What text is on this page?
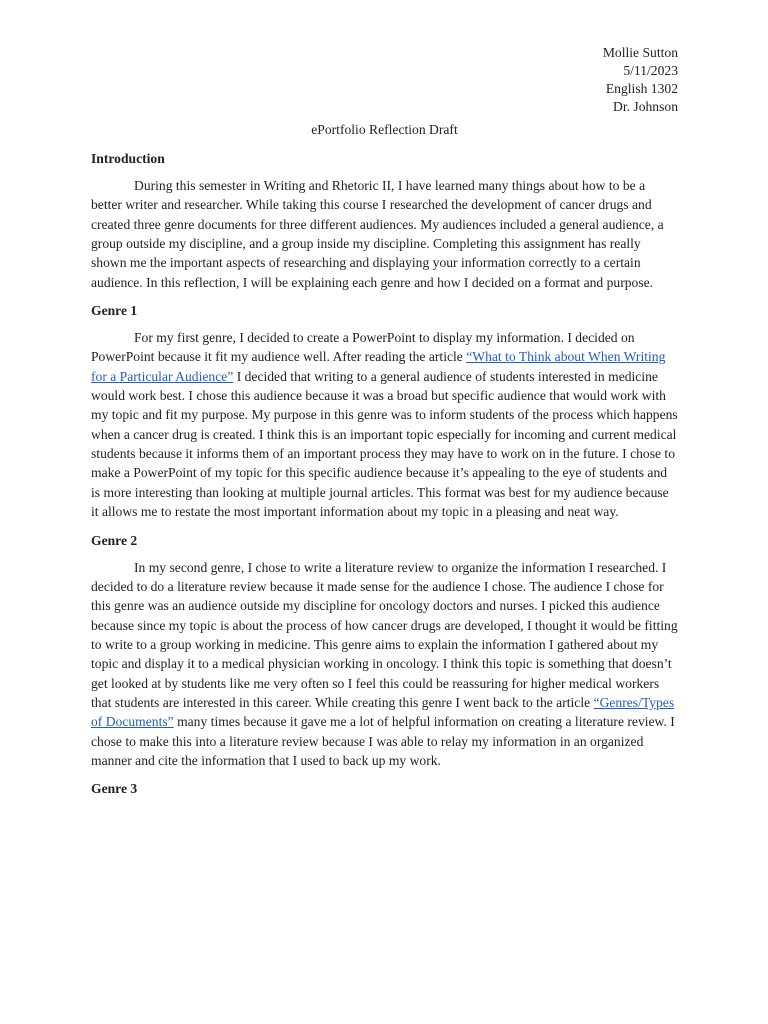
Mollie Sutton
5/11/2023
English 1302
Dr. Johnson
ePortfolio Reflection Draft
Introduction

During this semester in Writing and Rhetoric II, I have learned many things about how to be a better writer and researcher. While taking this course I researched the development of cancer drugs and created three genre documents for three different audiences. My audiences included a general audience, a group outside my discipline, and a group inside my discipline. Completing this assignment has really shown me the important aspects of researching and displaying your information correctly to a certain audience. In this reflection, I will be explaining each genre and how I decided on a format and purpose.

Genre 1

For my first genre, I decided to create a PowerPoint to display my information. I decided on PowerPoint because it fit my audience well. After reading the article “What to Think about When Writing for a Particular Audience” I decided that writing to a general audience of students interested in medicine would work best. I chose this audience because it was a broad but specific audience that would work with my topic and fit my purpose. My purpose in this genre was to inform students of the process which happens when a cancer drug is created. I think this is an important topic especially for incoming and current medical students because it informs them of an important process they may have to work on in the future. I chose to make a PowerPoint of my topic for this specific audience because it’s appealing to the eye of students and is more interesting than looking at multiple journal articles. This format was best for my audience because it allows me to restate the most important information about my topic in a pleasing and neat way.

Genre 2

In my second genre, I chose to write a literature review to organize the information I researched. I decided to do a literature review because it made sense for the audience I chose. The audience I chose for this genre was an audience outside my discipline for oncology doctors and nurses. I picked this audience because since my topic is about the process of how cancer drugs are developed, I thought it would be fitting to write to a group working in medicine. This genre aims to explain the information I gathered about my topic and display it to a medical physician working in oncology. I think this topic is something that doesn’t get looked at by students like me very often so I feel this could be reassuring for higher medical workers that students are interested in this career. While creating this genre I went back to the article “Genres/Types of Documents” many times because it gave me a lot of helpful information on creating a literature review. I chose to make this into a literature review because I was able to relay my information in an organized manner and cite the information that I used to back up my work.

Genre 3
